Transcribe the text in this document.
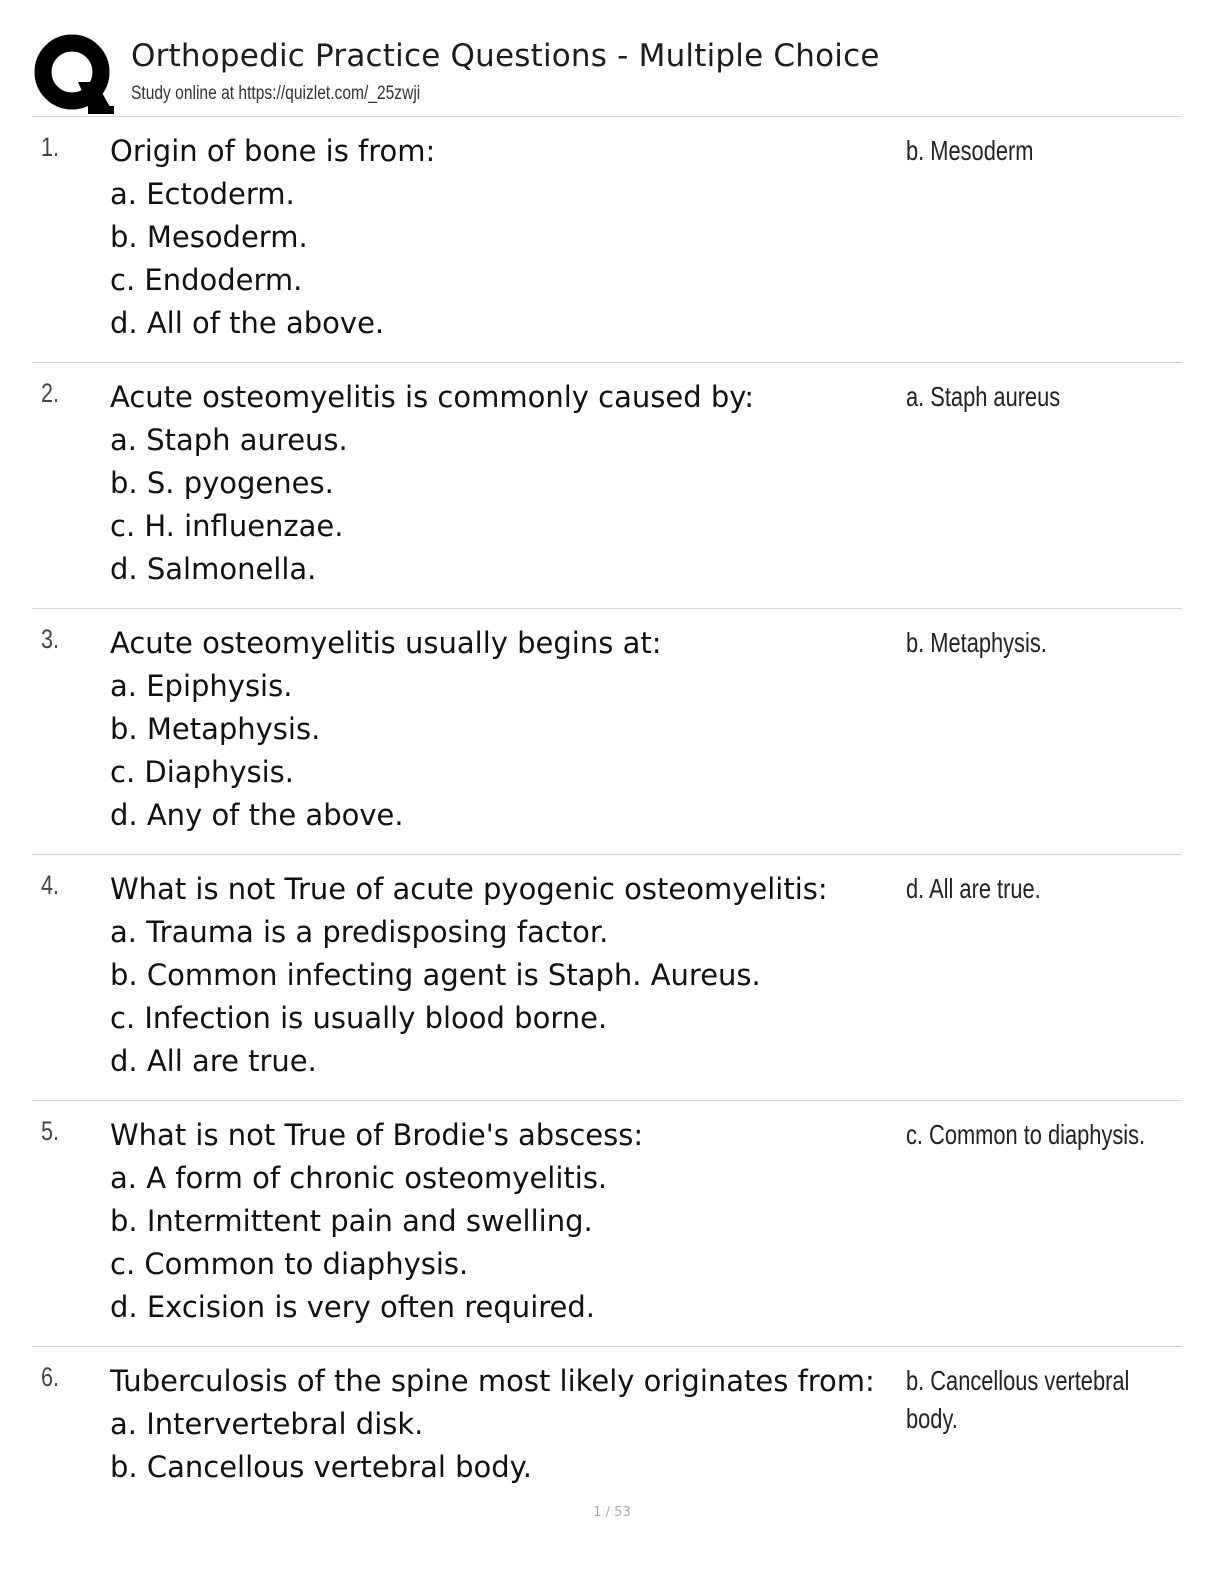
Orthopedic Practice Questions - Multiple Choice
Study online at https://quizlet.com/_25zwji
1. Origin of bone is from:
a. Ectoderm.
b. Mesoderm.
c. Endoderm.
d. All of the above.
b. Mesoderm
2. Acute osteomyelitis is commonly caused by:
a. Staph aureus.
b. S. pyogenes.
c. H. influenzae.
d. Salmonella.
a. Staph aureus
3. Acute osteomyelitis usually begins at:
a. Epiphysis.
b. Metaphysis.
c. Diaphysis.
d. Any of the above.
b. Metaphysis.
4. What is not True of acute pyogenic osteomyelitis:
a. Trauma is a predisposing factor.
b. Common infecting agent is Staph. Aureus.
c. Infection is usually blood borne.
d. All are true.
d. All are true.
5. What is not True of Brodie's abscess:
a. A form of chronic osteomyelitis.
b. Intermittent pain and swelling.
c. Common to diaphysis.
d. Excision is very often required.
c. Common to diaphysis.
6. Tuberculosis of the spine most likely originates from:
a. Intervertebral disk.
b. Cancellous vertebral body.
b. Cancellous vertebral body.
1 / 53
